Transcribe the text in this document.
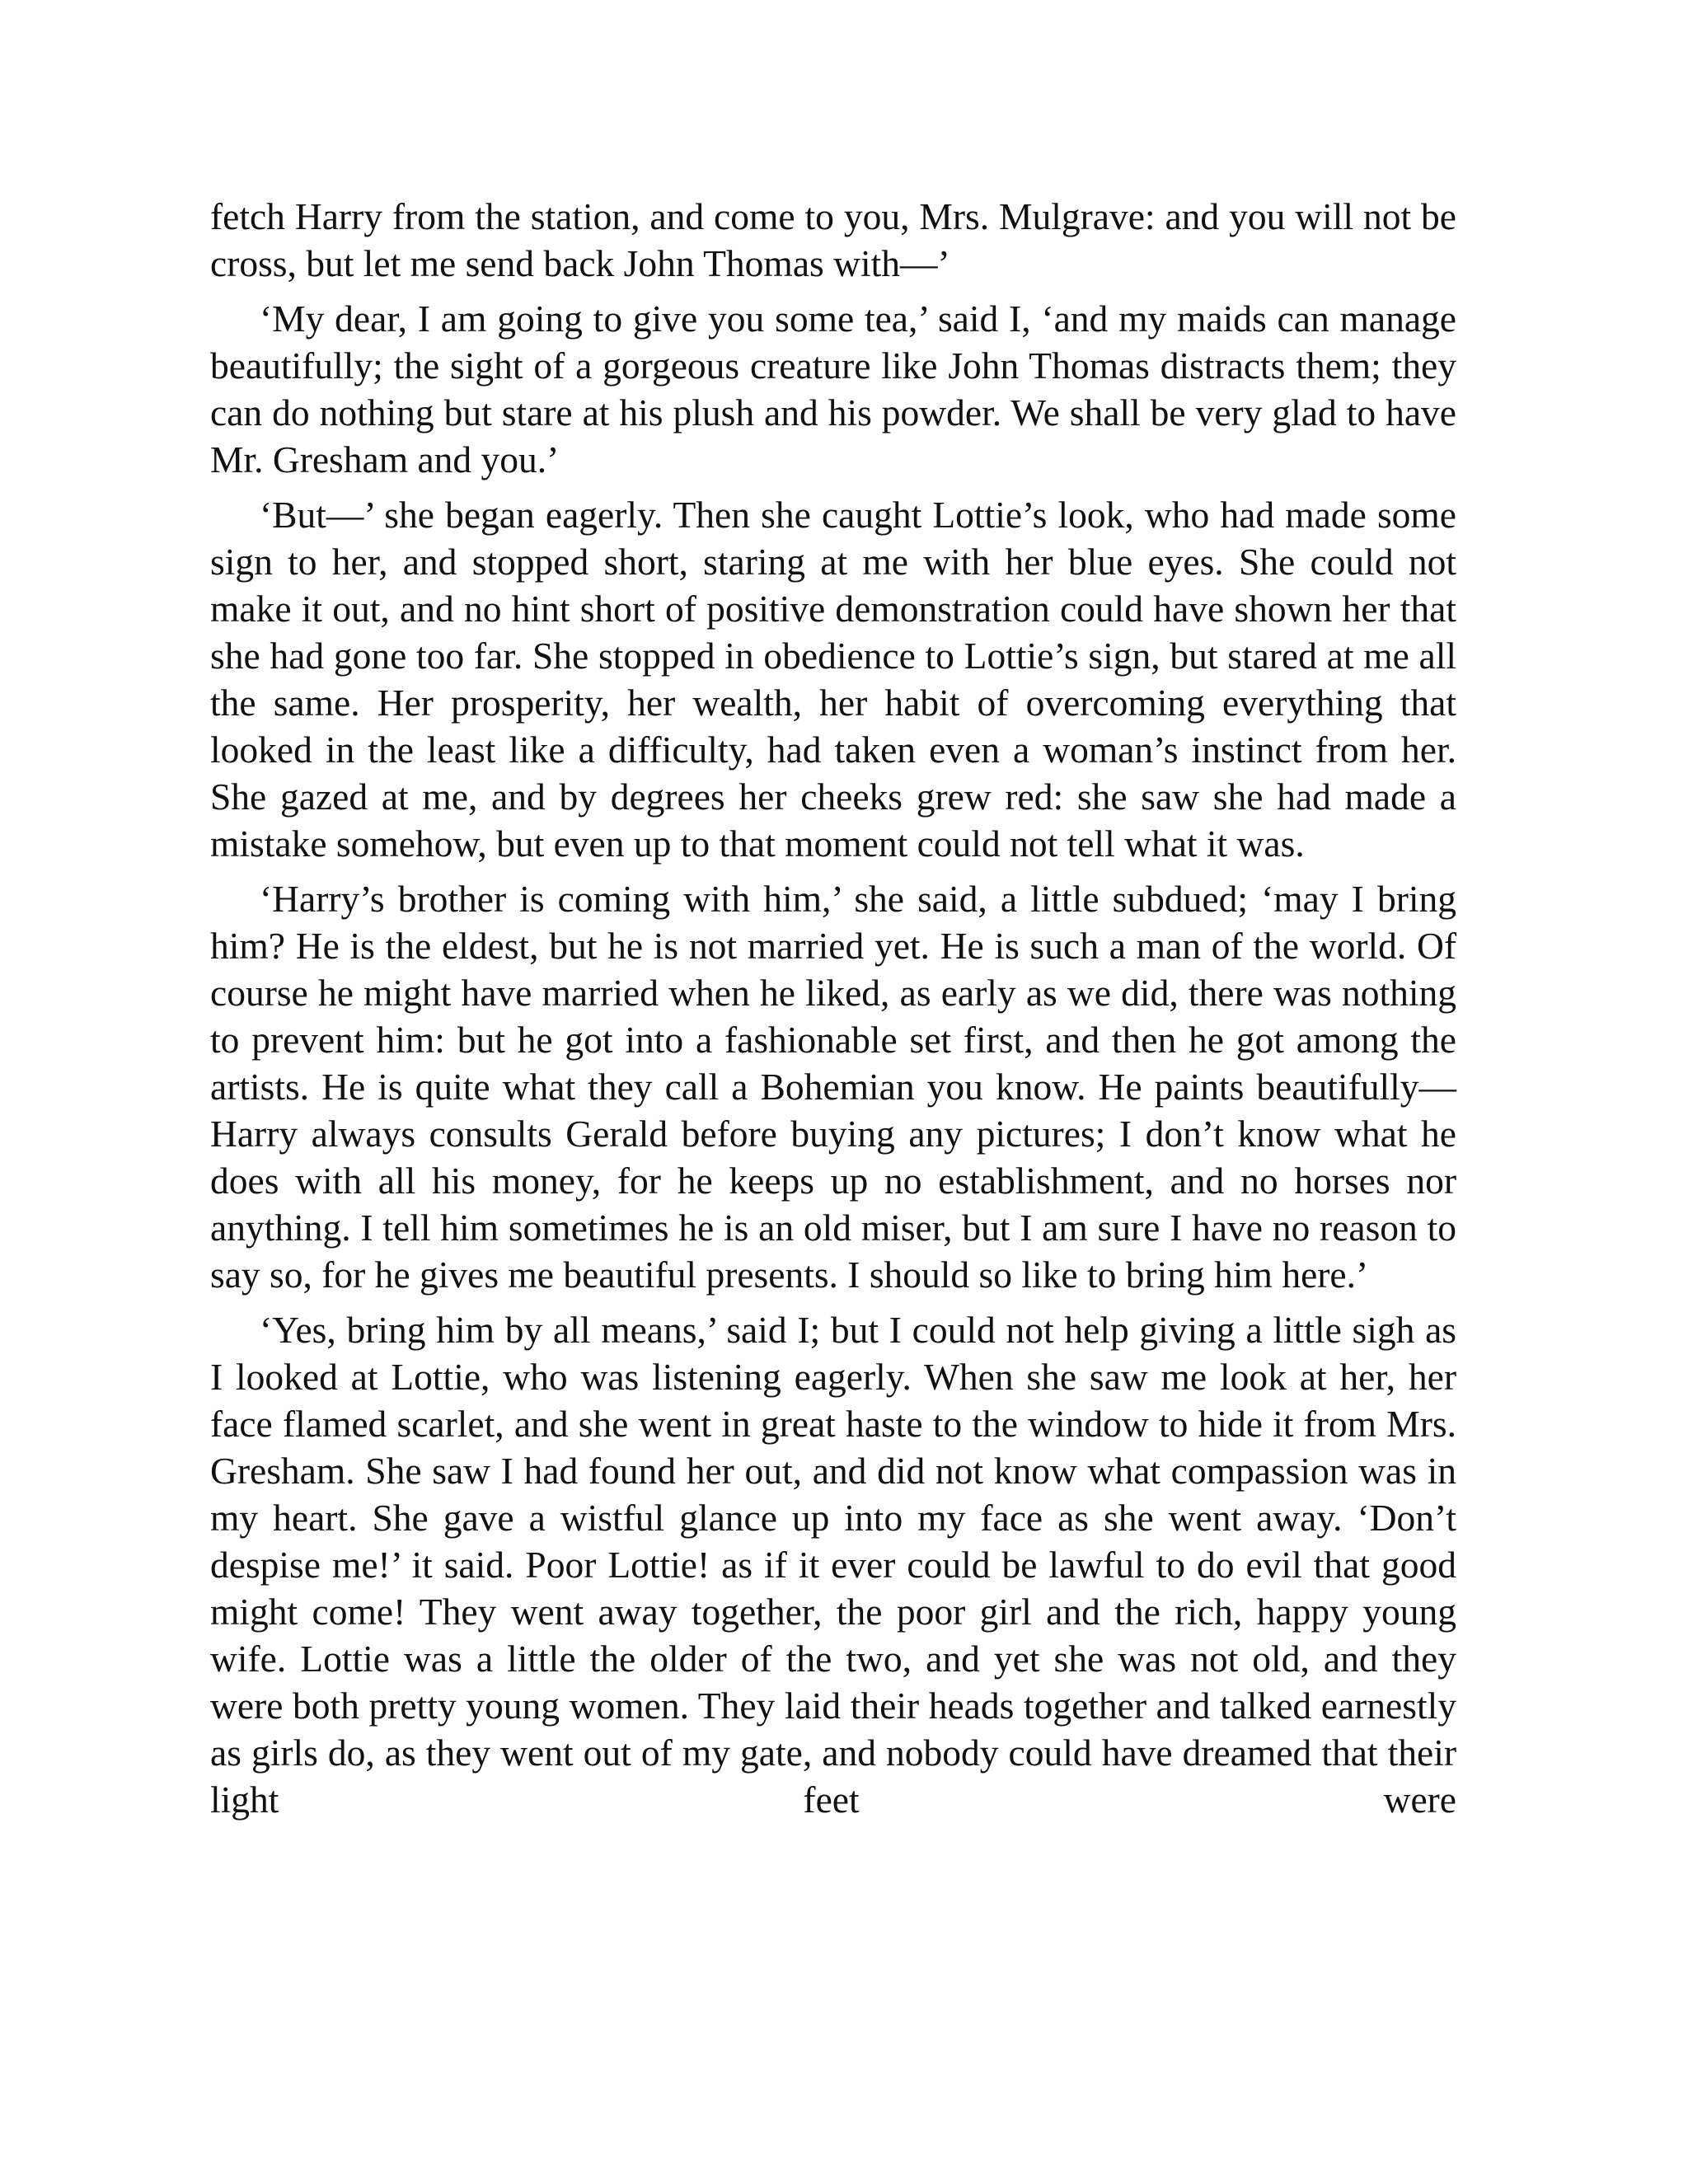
fetch Harry from the station, and come to you, Mrs. Mulgrave: and you will not be cross, but let me send back John Thomas with—’

‘My dear, I am going to give you some tea,’ said I, ‘and my maids can manage beautifully; the sight of a gorgeous creature like John Thomas distracts them; they can do nothing but stare at his plush and his powder. We shall be very glad to have Mr. Gresham and you.’

‘But—’ she began eagerly. Then she caught Lottie’s look, who had made some sign to her, and stopped short, staring at me with her blue eyes. She could not make it out, and no hint short of positive demonstration could have shown her that she had gone too far. She stopped in obedience to Lottie’s sign, but stared at me all the same. Her prosperity, her wealth, her habit of overcoming everything that looked in the least like a difficulty, had taken even a woman’s instinct from her. She gazed at me, and by degrees her cheeks grew red: she saw she had made a mistake somehow, but even up to that moment could not tell what it was.

‘Harry’s brother is coming with him,’ she said, a little subdued; ‘may I bring him? He is the eldest, but he is not married yet. He is such a man of the world. Of course he might have married when he liked, as early as we did, there was nothing to prevent him: but he got into a fashionable set first, and then he got among the artists. He is quite what they call a Bohemian you know. He paints beautifully—Harry always consults Gerald before buying any pictures; I don’t know what he does with all his money, for he keeps up no establishment, and no horses nor anything. I tell him sometimes he is an old miser, but I am sure I have no reason to say so, for he gives me beautiful presents. I should so like to bring him here.’

‘Yes, bring him by all means,’ said I; but I could not help giving a little sigh as I looked at Lottie, who was listening eagerly. When she saw me look at her, her face flamed scarlet, and she went in great haste to the window to hide it from Mrs. Gresham. She saw I had found her out, and did not know what compassion was in my heart. She gave a wistful glance up into my face as she went away. ‘Don’t despise me!’ it said. Poor Lottie! as if it ever could be lawful to do evil that good might come! They went away together, the poor girl and the rich, happy young wife. Lottie was a little the older of the two, and yet she was not old, and they were both pretty young women. They laid their heads together and talked earnestly as girls do, as they went out of my gate, and nobody could have dreamed that their light feet were
